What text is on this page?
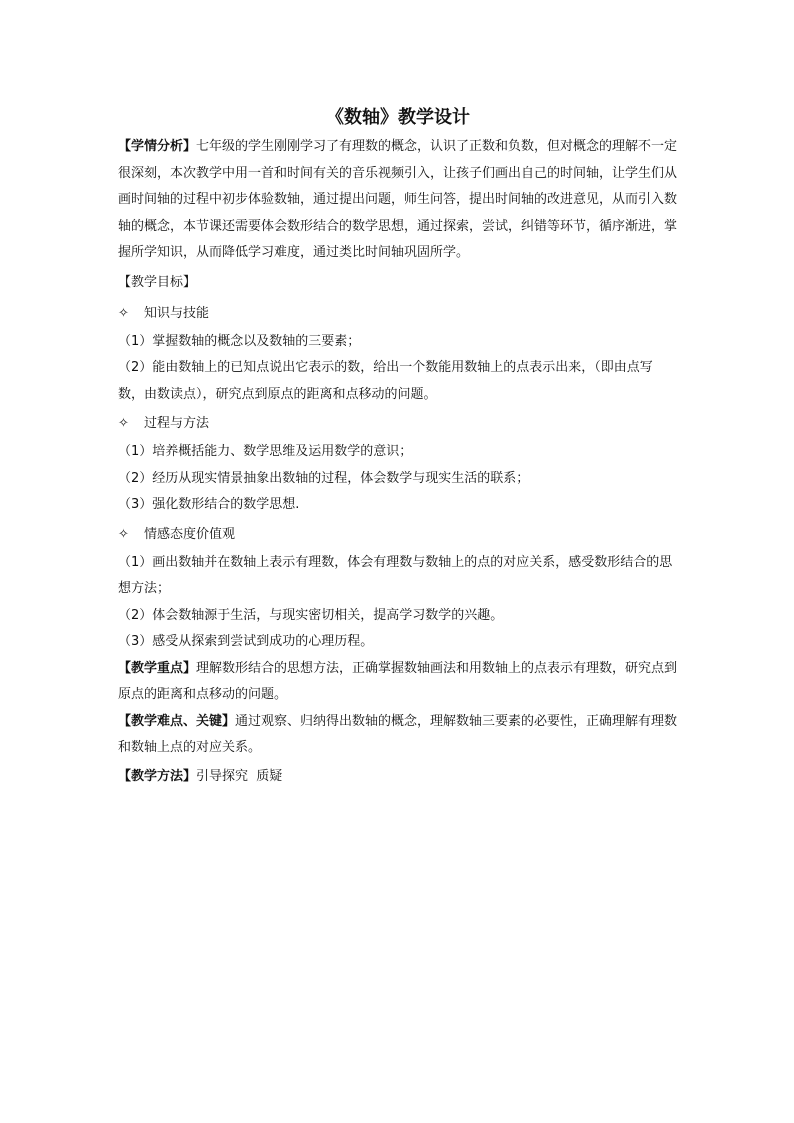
《数轴》教学设计

【学情分析】七年级的学生刚刚学习了有理数的概念，认识了正数和负数，但对概念的理解不一定很深刻，本次教学中用一首和时间有关的音乐视频引入，让孩子们画出自己的时间轴，让学生们从画时间轴的过程中初步体验数轴，通过提出问题，师生问答，提出时间轴的改进意见，从而引入数轴的概念，本节课还需要体会数形结合的数学思想，通过探索，尝试，纠错等环节，循序渐进，掌握所学知识，从而降低学习难度，通过类比时间轴巩固所学。

【教学目标】

✧ 知识与技能

（1）掌握数轴的概念以及数轴的三要素；

（2）能由数轴上的已知点说出它表示的数，给出一个数能用数轴上的点表示出来，（即由点写数，由数读点），研究点到原点的距离和点移动的问题。

✧ 过程与方法

（1）培养概括能力、数学思维及运用数学的意识；

（2）经历从现实情景抽象出数轴的过程，体会数学与现实生活的联系；

（3）强化数形结合的数学思想.

✧ 情感态度价值观

（1）画出数轴并在数轴上表示有理数，体会有理数与数轴上的点的对应关系，感受数形结合的思想方法；

（2）体会数轴源于生活，与现实密切相关，提高学习数学的兴趣。

（3）感受从探索到尝试到成功的心理历程。

【教学重点】理解数形结合的思想方法，正确掌握数轴画法和用数轴上的点表示有理数，研究点到原点的距离和点移动的问题。

【教学难点、关键】通过观察、归纳得出数轴的概念，理解数轴三要素的必要性，正确理解有理数和数轴上点的对应关系。

【教学方法】引导探究  质疑
